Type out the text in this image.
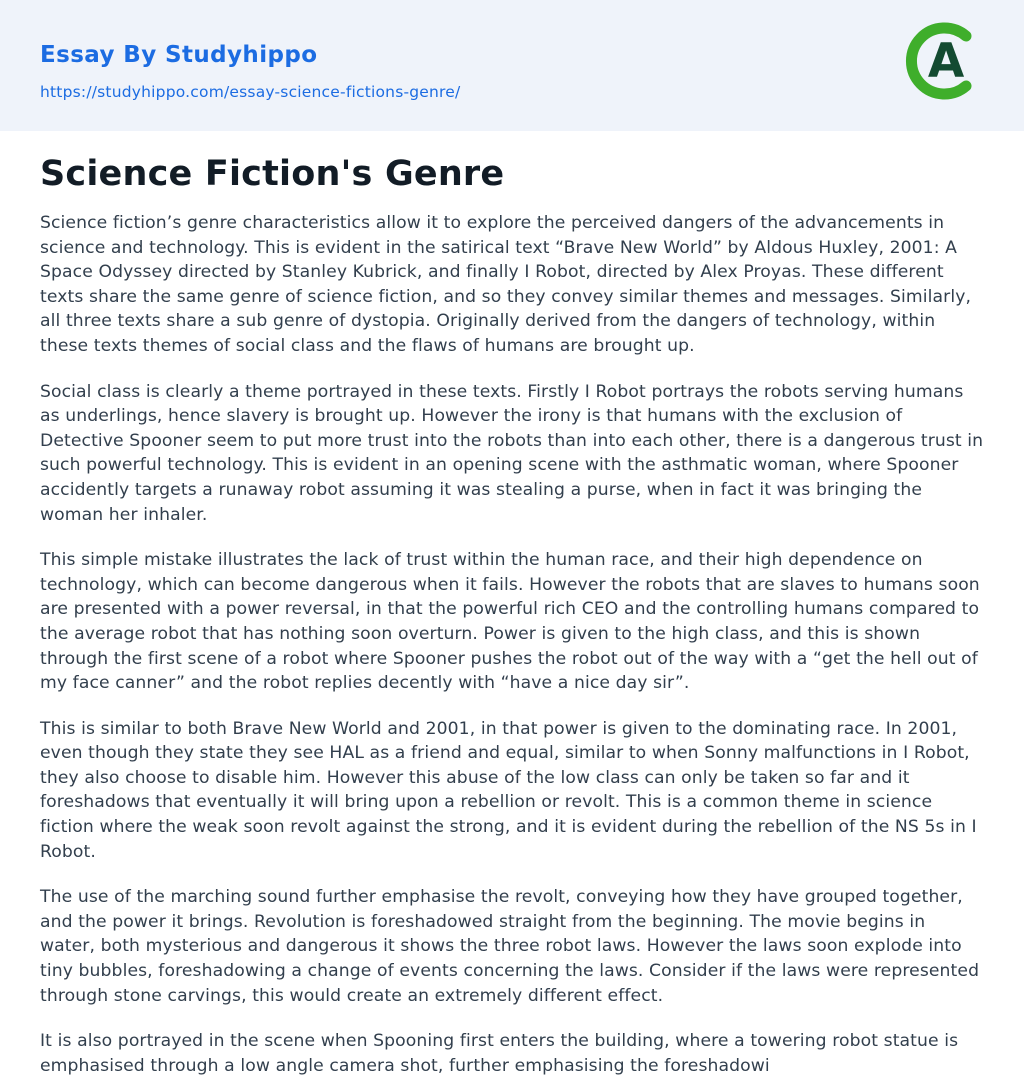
Essay By Studyhippo
https://studyhippo.com/essay-science-fictions-genre/
A
Science Fiction's Genre

Science fiction’s genre characteristics allow it to explore the perceived dangers of the advancements in science and technology. This is evident in the satirical text “Brave New World” by Aldous Huxley, 2001: A Space Odyssey directed by Stanley Kubrick, and finally I Robot, directed by Alex Proyas. These different texts share the same genre of science fiction, and so they convey similar themes and messages. Similarly, all three texts share a sub genre of dystopia. Originally derived from the dangers of technology, within these texts themes of social class and the flaws of humans are brought up.

Social class is clearly a theme portrayed in these texts. Firstly I Robot portrays the robots serving humans as underlings, hence slavery is brought up. However the irony is that humans with the exclusion of Detective Spooner seem to put more trust into the robots than into each other, there is a dangerous trust in such powerful technology. This is evident in an opening scene with the asthmatic woman, where Spooner accidently targets a runaway robot assuming it was stealing a purse, when in fact it was bringing the woman her inhaler.

This simple mistake illustrates the lack of trust within the human race, and their high dependence on technology, which can become dangerous when it fails. However the robots that are slaves to humans soon are presented with a power reversal, in that the powerful rich CEO and the controlling humans compared to the average robot that has nothing soon overturn. Power is given to the high class, and this is shown through the first scene of a robot where Spooner pushes the robot out of the way with a “get the hell out of my face canner” and the robot replies decently with “have a nice day sir”.

This is similar to both Brave New World and 2001, in that power is given to the dominating race. In 2001, even though they state they see HAL as a friend and equal, similar to when Sonny malfunctions in I Robot, they also choose to disable him. However this abuse of the low class can only be taken so far and it foreshadows that eventually it will bring upon a rebellion or revolt. This is a common theme in science fiction where the weak soon revolt against the strong, and it is evident during the rebellion of the NS 5s in I Robot.

The use of the marching sound further emphasise the revolt, conveying how they have grouped together, and the power it brings. Revolution is foreshadowed straight from the beginning. The movie begins in water, both mysterious and dangerous it shows the three robot laws. However the laws soon explode into tiny bubbles, foreshadowing a change of events concerning the laws. Consider if the laws were represented through stone carvings, this would create an extremely different effect.

It is also portrayed in the scene when Spooning first enters the building, where a towering robot statue is emphasised through a low angle camera shot, further emphasising the foreshadowi
